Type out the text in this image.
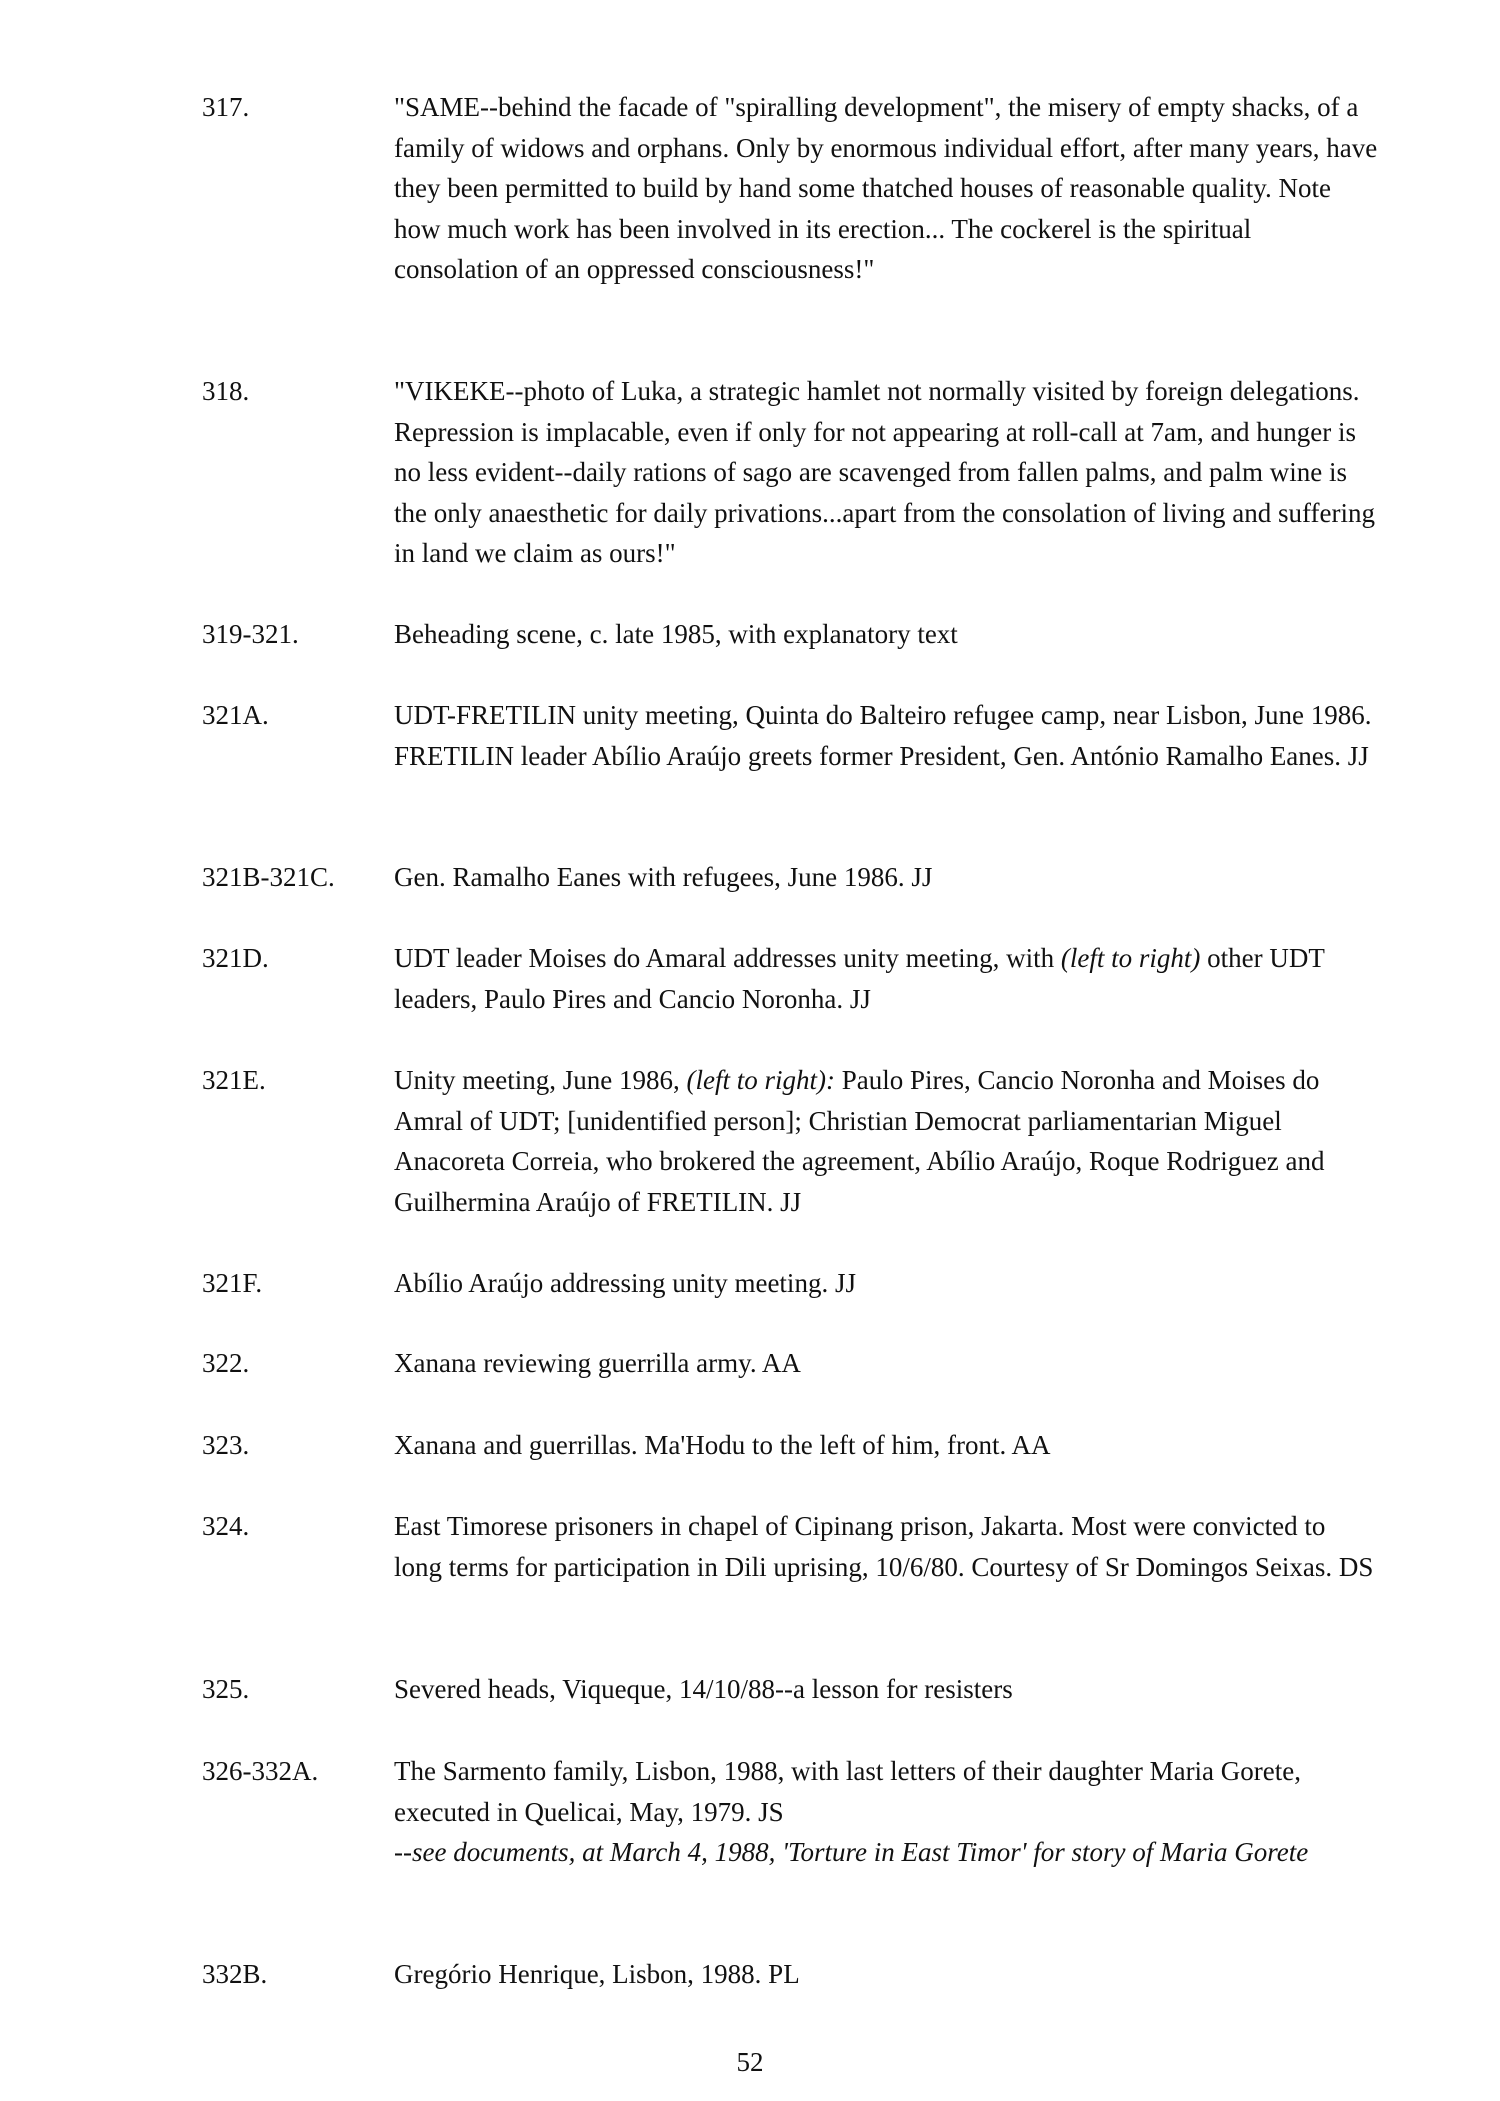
317.	"SAME--behind the facade of "spiralling development", the misery of empty shacks, of a family of widows and orphans. Only by enormous individual effort, after many years, have they been permitted to build by hand some thatched houses of reasonable quality. Note how much work has been involved in its erection... The cockerel is the spiritual consolation of an oppressed consciousness!"
318.	"VIKEKE--photo of Luka, a strategic hamlet not normally visited by foreign delegations. Repression is implacable, even if only for not appearing at roll-call at 7am, and hunger is no less evident--daily rations of sago are scavenged from fallen palms, and palm wine is the only anaesthetic for daily privations...apart from the consolation of living and suffering in land we claim as ours!"
319-321.	Beheading scene, c. late 1985, with explanatory text
321A.	UDT-FRETILIN unity meeting, Quinta do Balteiro refugee camp, near Lisbon, June 1986. FRETILIN leader Abílio Araújo greets former President, Gen. António Ramalho Eanes. JJ
321B-321C. Gen. Ramalho Eanes with refugees, June 1986. JJ
321D.	UDT leader Moises do Amaral addresses unity meeting, with (left to right) other UDT leaders, Paulo Pires and Cancio Noronha. JJ
321E.	Unity meeting, June 1986, (left to right): Paulo Pires, Cancio Noronha and Moises do Amral of UDT; [unidentified person]; Christian Democrat parliamentarian Miguel Anacoreta Correia, who brokered the agreement, Abílio Araújo, Roque Rodriguez and Guilhermina Araújo of FRETILIN. JJ
321F.	Abílio Araújo addressing unity meeting. JJ
322.	Xanana reviewing guerrilla army. AA
323.	Xanana and guerrillas. Ma'Hodu to the left of him, front. AA
324.	East Timorese prisoners in chapel of Cipinang prison, Jakarta. Most were convicted to long terms for participation in Dili uprising, 10/6/80. Courtesy of Sr Domingos Seixas. DS
325.	Severed heads, Viqueque, 14/10/88--a lesson for resisters
326-332A.	The Sarmento family, Lisbon, 1988, with last letters of their daughter Maria Gorete, executed in Quelicai, May, 1979. JS
--see documents, at March 4, 1988, 'Torture in East Timor' for story of Maria Gorete
332B.	Gregório Henrique, Lisbon, 1988. PL
52
